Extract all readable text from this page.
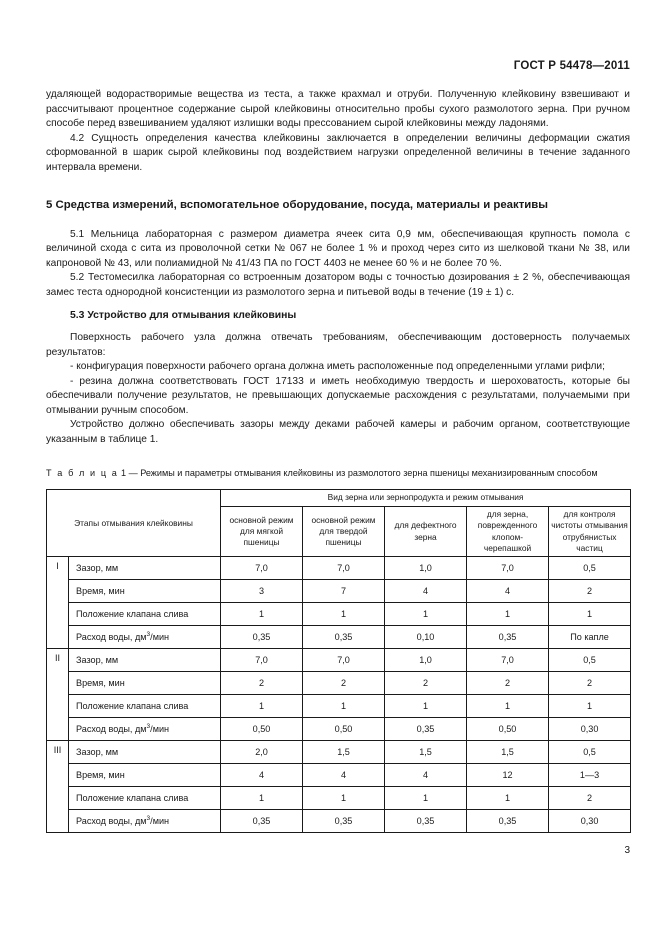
ГОСТ Р 54478—2011

удаляющей водорастворимые вещества из теста, а также крахмал и отруби. Полученную клейковину взвешивают и рассчитывают процентное содержание сырой клейковины относительно пробы сухого размолотого зерна. При ручном способе перед взвешиванием удаляют излишки воды прессованием сырой клейковины между ладонями.

4.2 Сущность определения качества клейковины заключается в определении величины деформации сжатия сформованной в шарик сырой клейковины под воздействием нагрузки определенной величины в течение заданного интервала времени.

5 Средства измерений, вспомогательное оборудование, посуда, материалы и реактивы

5.1 Мельница лабораторная с размером диаметра ячеек сита 0,9 мм, обеспечивающая крупность помола с величиной схода с сита из проволочной сетки № 067 не более 1 % и проход через сито из шелковой ткани № 38, или капроновой № 43, или полиамидной № 41/43 ПА по ГОСТ 4403 не менее 60 % и не более 70 %.

5.2 Тестомесилка лабораторная со встроенным дозатором воды с точностью дозирования ± 2 %, обеспечивающая замес теста однородной консистенции из размолотого зерна и питьевой воды в течение (19 ± 1) с.

5.3 Устройство для отмывания клейковины

Поверхность рабочего узла должна отвечать требованиям, обеспечивающим достоверность получаемых результатов:

- конфигурация поверхности рабочего органа должна иметь расположенные под определенными углами рифли;

- резина должна соответствовать ГОСТ 17133 и иметь необходимую твердость и шероховатость, которые бы обеспечивали получение результатов, не превышающих допускаемые расхождения с результатами, получаемыми при отмывании ручным способом.

Устройство должно обеспечивать зазоры между деками рабочей камеры и рабочим органом, соответствующие указанным в таблице 1.

Т а б л и ц а 1 — Режимы и параметры отмывания клейковины из размолотого зерна пшеницы механизированным способом

Этапы отмывания клейковины		Вид зерна или зернопродукта и режим отмывания				
		основной режим для мягкой пшеницы	основной режим для твердой пшеницы	для дефектного зерна	для зерна, поврежденного клопом-черепашкой	для контроля чистоты отмывания отрубянистых частиц
I	Зазор, мм	7,0	7,0	1,0	7,0	0,5
	Время, мин	3	7	4	4	2
	Положение клапана слива	1	1	1	1	1
	Расход воды, $дм^3$/мин	0,35	0,35	0,10	0,35	По капле
II	Зазор, мм	7,0	7,0	1,0	7,0	0,5
	Время, мин	2	2	2	2	2
	Положение клапана слива	1	1	1	1	1
	Расход воды, $дм^3$/мин	0,50	0,50	0,35	0,50	0,30
III	Зазор, мм	2,0	1,5	1,5	1,5	0,5
	Время, мин	4	4	4	12	1—3
	Положение клапана слива	1	1	1	1	2
	Расход воды, $дм^3$/мин	0,35	0,35	0,35	0,35	0,30
3
